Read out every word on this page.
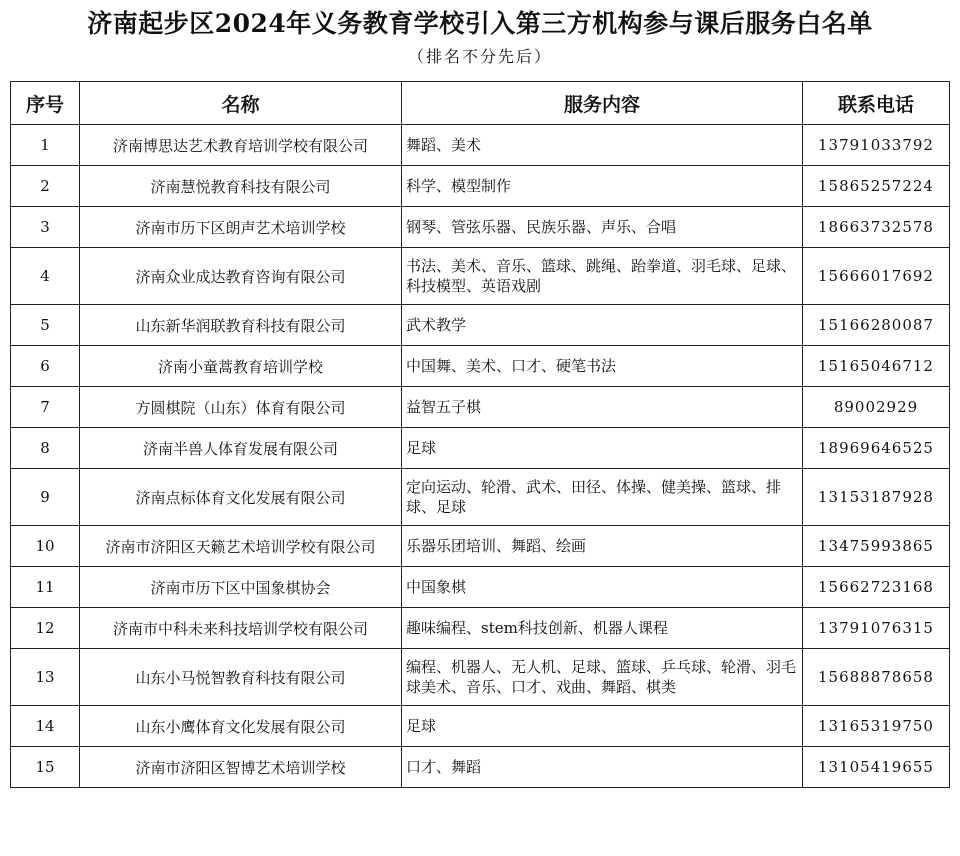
济南起步区2024年义务教育学校引入第三方机构参与课后服务白名单
（排名不分先后）
序号	名称	服务内容	联系电话
1	济南博思达艺术教育培训学校有限公司	舞蹈、美术	13791033792
2	济南慧悦教育科技有限公司	科学、模型制作	15865257224
3	济南市历下区朗声艺术培训学校	钢琴、管弦乐器、民族乐器、声乐、合唱	18663732578
4	济南众业成达教育咨询有限公司	书法、美术、音乐、篮球、跳绳、跆拳道、羽毛球、足球、科技模型、英语戏剧	15666017692
5	山东新华润联教育科技有限公司	武术教学	15166280087
6	济南小童蒿教育培训学校	中国舞、美术、口才、硬笔书法	15165046712
7	方圆棋院（山东）体育有限公司	益智五子棋	89002929
8	济南半兽人体育发展有限公司	足球	18969646525
9	济南点标体育文化发展有限公司	定向运动、轮滑、武术、田径、体操、健美操、篮球、排球、足球	13153187928
10	济南市济阳区天籁艺术培训学校有限公司	乐器乐团培训、舞蹈、绘画	13475993865
11	济南市历下区中国象棋协会	中国象棋	15662723168
12	济南市中科未来科技培训学校有限公司	趣味编程、stem科技创新、机器人课程	13791076315
13	山东小马悦智教育科技有限公司	编程、机器人、无人机、足球、篮球、乒乓球、轮滑、羽毛球美术、音乐、口才、戏曲、舞蹈、棋类	15688878658
14	山东小鹰体育文化发展有限公司	足球	13165319750
15	济南市济阳区智博艺术培训学校	口才、舞蹈	13105419655
